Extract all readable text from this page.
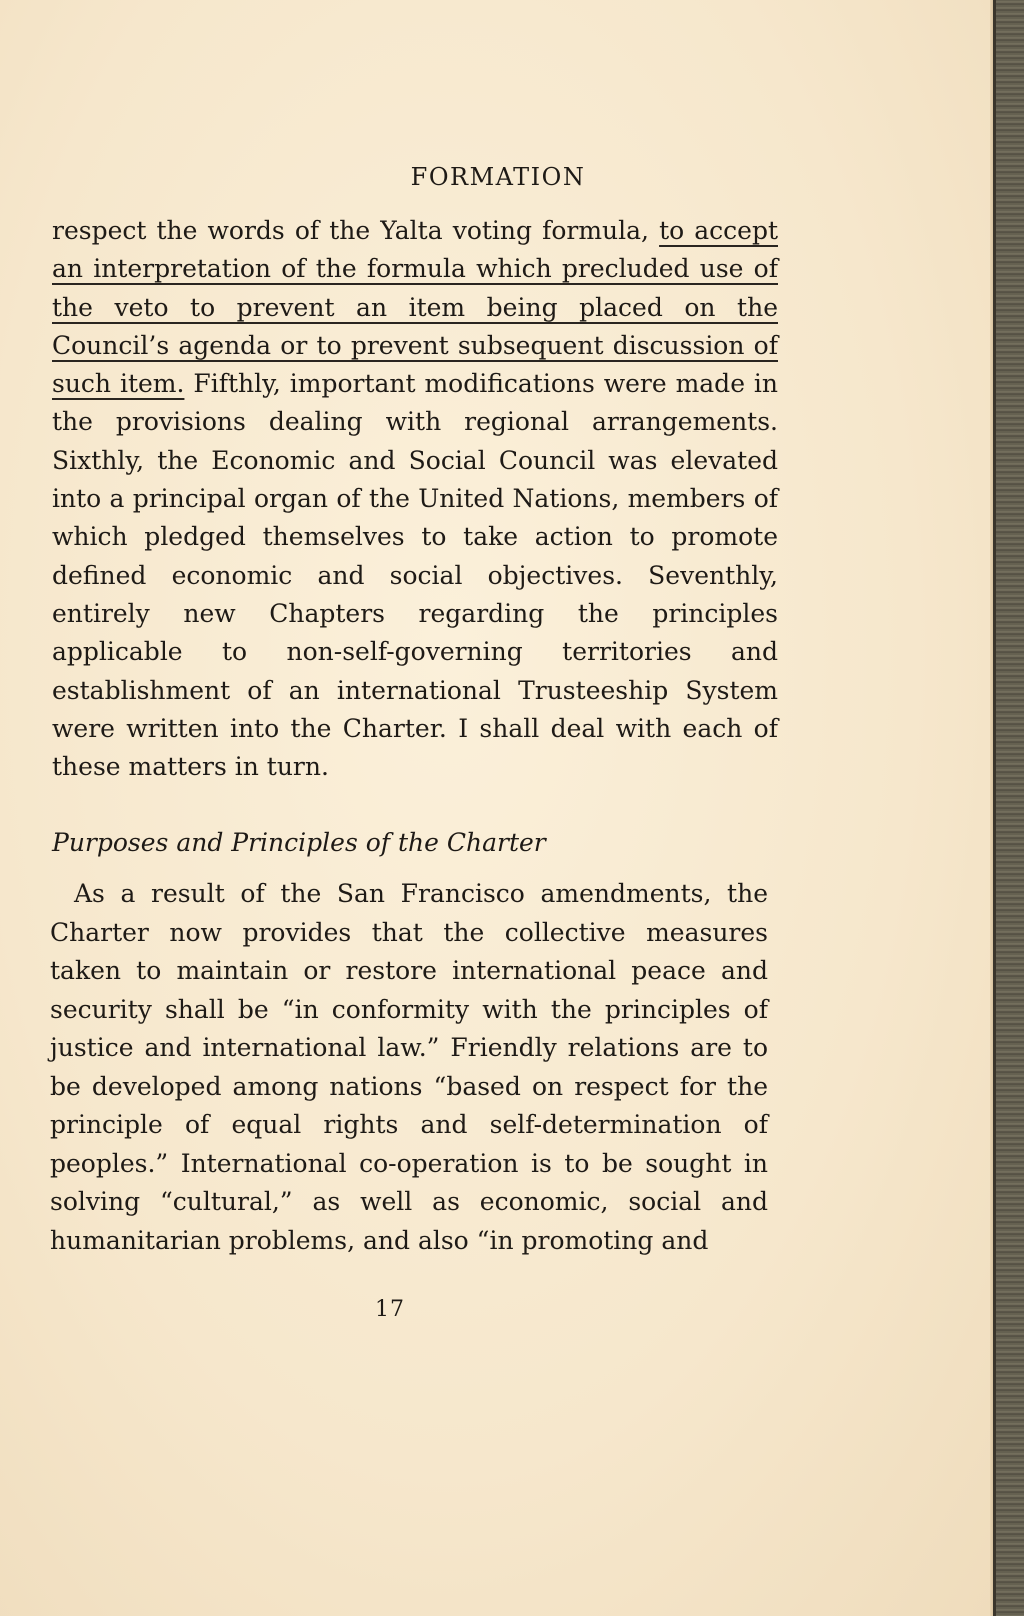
FORMATION

respect the words of the Yalta voting formula, to accept an interpretation of the formula which precluded use of the veto to prevent an item being placed on the Council’s agenda or to prevent subsequent discussion of such item. Fifthly, important modifications were made in the provisions dealing with regional arrangements. Sixthly, the Economic and Social Council was elevated into a principal organ of the United Nations, members of which pledged themselves to take action to promote defined economic and social objectives. Seventhly, entirely new Chapters regarding the principles applicable to non-self-governing territories and establishment of an international Trusteeship System were written into the Charter. I shall deal with each of these matters in turn.

Purposes and Principles of the Charter

As a result of the San Francisco amendments, the Charter now provides that the collective measures taken to maintain or restore international peace and security shall be “in conformity with the principles of justice and international law.” Friendly relations are to be developed among nations “based on respect for the principle of equal rights and self-determination of peoples.” International co-operation is to be sought in solving “cultural,” as well as economic, social and humanitarian problems, and also “in promoting and

17
